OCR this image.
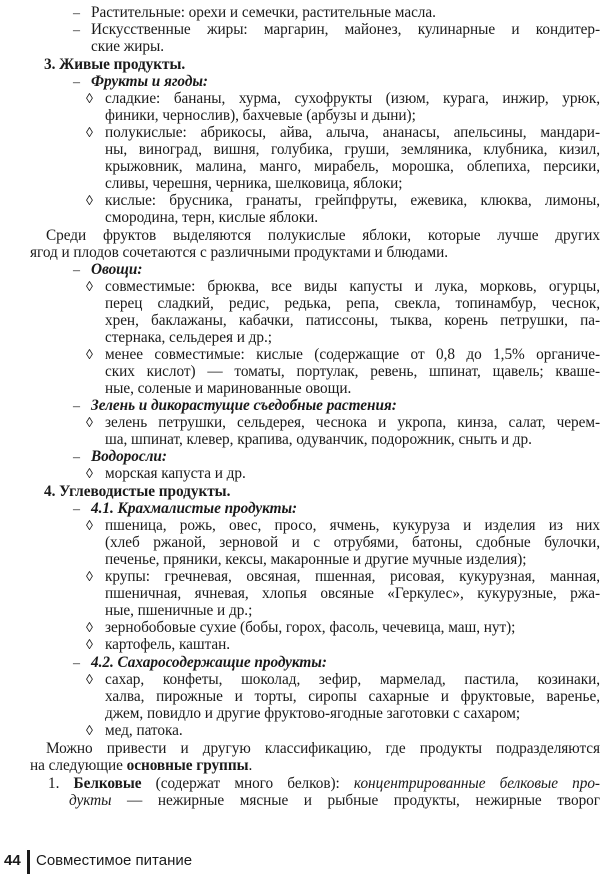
– Растительные: орехи и семечки, растительные масла.
– Искусственные жиры: маргарин, майонез, кулинарные и кондитер-
ские жиры.
3. Живые продукты.
– Фрукты и ягоды:
◊ сладкие: бананы, хурма, сухофрукты (изюм, курага, инжир, урюк,
финики, чернослив), бахчевые (арбузы и дыни);
◊ полукислые: абрикосы, айва, алыча, ананасы, апельсины, мандари-
ны, виноград, вишня, голубика, груши, земляника, клубника, кизил,
крыжовник, малина, манго, мирабель, морошка, облепиха, персики,
сливы, черешня, черника, шелковица, яблоки;
◊ кислые: брусника, гранаты, грейпфруты, ежевика, клюква, лимоны,
смородина, терн, кислые яблоки.
Среди фруктов выделяются полукислые яблоки, которые лучше других
ягод и плодов сочетаются с различными продуктами и блюдами.
– Овощи:
◊ совместимые: брюква, все виды капусты и лука, морковь, огурцы,
перец сладкий, редис, редька, репа, свекла, топинамбур, чеснок,
хрен, баклажаны, кабачки, патиссоны, тыква, корень петрушки, па-
стернака, сельдерея и др.;
◊ менее совместимые: кислые (содержащие от 0,8 до 1,5% органиче-
ских кислот) — томаты, портулак, ревень, шпинат, щавель; кваше-
ные, соленые и маринованные овощи.
– Зелень и дикорастущие съедобные растения:
◊ зелень петрушки, сельдерея, чеснока и укропа, кинза, салат, черем-
ша, шпинат, клевер, крапива, одуванчик, подорожник, сныть и др.
– Водоросли:
◊ морская капуста и др.
4. Углеводистые продукты.
– 4.1. Крахмалистые продукты:
◊ пшеница, рожь, овес, просо, ячмень, кукуруза и изделия из них
(хлеб ржаной, зерновой и с отрубями, батоны, сдобные булочки,
печенье, пряники, кексы, макаронные и другие мучные изделия);
◊ крупы: гречневая, овсяная, пшенная, рисовая, кукурузная, манная,
пшеничная, ячневая, хлопья овсяные «Геркулес», кукурузные, ржа-
ные, пшеничные и др.;
◊ зернобобовые сухие (бобы, горох, фасоль, чечевица, маш, нут);
◊ картофель, каштан.
– 4.2. Сахаросодержащие продукты:
◊ сахар, конфеты, шоколад, зефир, мармелад, пастила, козинаки,
халва, пирожные и торты, сиропы сахарные и фруктовые, варенье,
джем, повидло и другие фруктово-ягодные заготовки с сахаром;
◊ мед, патока.
Можно привести и другую классификацию, где продукты подразделяются
на следующие основные группы.
1. Белковые (содержат много белков): концентрированные белковые про-
дукты — нежирные мясные и рыбные продукты, нежирные творог
44 Совместимое питание
